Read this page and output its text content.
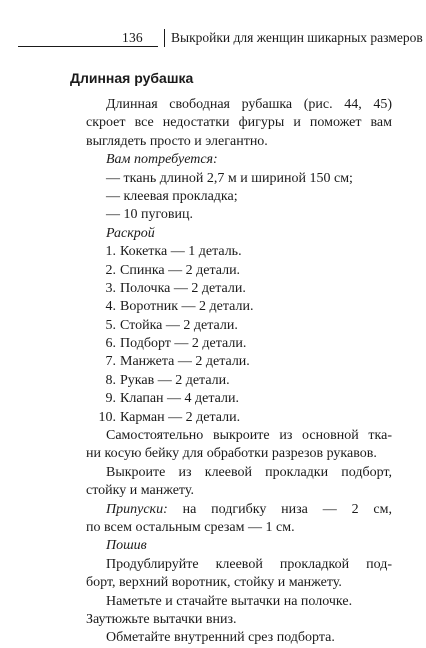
136 Выкройки для женщин шикарных размеров
Длинная рубашка
Длинная свободная рубашка (рис. 44, 45)
скроет все недостатки фигуры и поможет вам
выглядеть просто и элегантно.
Вам потребуется:
— ткань длиной 2,7 м и шириной 150 см;
— клеевая прокладка;
— 10 пуговиц.
Раскрой
1. Кокетка — 1 деталь.
2. Спинка — 2 детали.
3. Полочка — 2 детали.
4. Воротник — 2 детали.
5. Стойка — 2 детали.
6. Подборт — 2 детали.
7. Манжета — 2 детали.
8. Рукав — 2 детали.
9. Клапан — 4 детали.
10. Карман — 2 детали.
Самостоятельно выкроите из основной тка-
ни косую бейку для обработки разрезов рукавов.
Выкроите из клеевой прокладки подборт,
стойку и манжету.
Припуски: на подгибку низа — 2 см,
по всем остальным срезам — 1 см.
Пошив
Продублируйте клеевой прокладкой под-
борт, верхний воротник, стойку и манжету.
Наметьте и стачайте вытачки на полочке.
Заутюжьте вытачки вниз.
Обметайте внутренний срез подборта.
